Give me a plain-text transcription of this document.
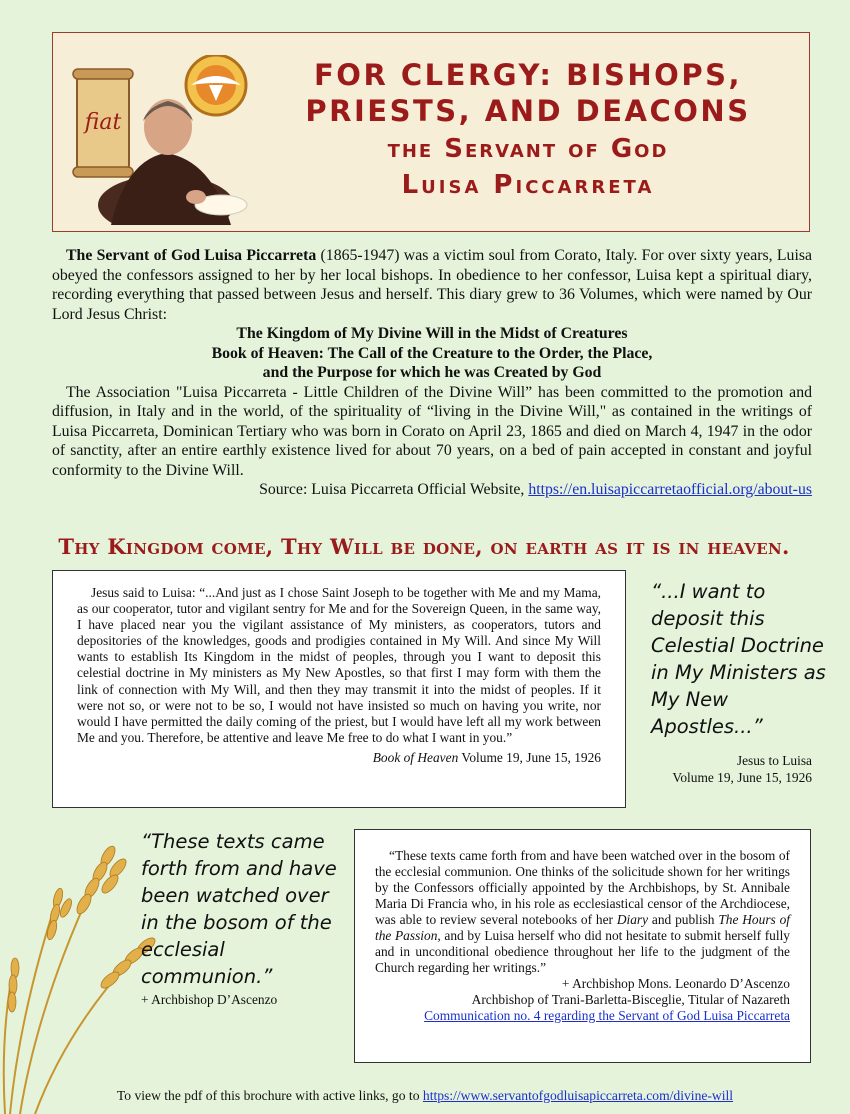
fiat
FOR CLERGY: BISHOPS,
PRIESTS, AND DEACONS
the Servant of God
Luisa Piccarreta

The Servant of God Luisa Piccarreta (1865-1947) was a victim soul from Corato, Italy. For over sixty years, Luisa obeyed the confessors assigned to her by her local bishops. In obedience to her confessor, Luisa kept a spiritual diary, recording everything that passed between Jesus and herself. This diary grew to 36 Volumes, which were named by Our Lord Jesus Christ:

The Kingdom of My Divine Will in the Midst of Creatures

Book of Heaven: The Call of the Creature to the Order, the Place,

and the Purpose for which he was Created by God

The Association "Luisa Piccarreta - Little Children of the Divine Will” has been committed to the promotion and diffusion, in Italy and in the world, of the spirituality of “living in the Divine Will," as contained in the writings of Luisa Piccarreta, Dominican Tertiary who was born in Corato on April 23, 1865 and died on March 4, 1947 in the odor of sanctity, after an entire earthly existence lived for about 70 years, on a bed of pain accepted in constant and joyful conformity to the Divine Will.

Source: Luisa Piccarreta Official Website, https://en.luisapiccarretaofficial.org/about-us

Thy Kingdom come, Thy Will be done, on earth as it is in heaven.

Jesus said to Luisa: “...And just as I chose Saint Joseph to be together with Me and my Mama, as our cooperator, tutor and vigilant sentry for Me and for the Sovereign Queen, in the same way, I have placed near you the vigilant assistance of My ministers, as cooperators, tutors and depositories of the knowledges, goods and prodigies contained in My Will. And since My Will wants to establish Its Kingdom in the midst of peoples, through you I want to deposit this celestial doctrine in My ministers as My New Apostles, so that first I may form with them the link of connection with My Will, and then they may transmit it into the midst of peoples. If it were not so, or were not to be so, I would not have insisted so much on having you write, nor would I have permitted the daily coming of the priest, but I would have left all my work between Me and you. Therefore, be attentive and leave Me free to do what I want in you.”

Book of Heaven Volume 19, June 15, 1926

“...I want to deposit this Celestial Doctrine in My Ministers as My New Apostles...”
Jesus to Luisa
Volume 19, June 15, 1926
“These texts came forth from and have been watched over in the bosom of the ecclesial communion.”
+ Archbishop D’Ascenzo

“These texts came forth from and have been watched over in the bosom of the ecclesial communion. One thinks of the solicitude shown for her writings by the Confessors officially appointed by the Archbishops, by St. Annibale Maria Di Francia who, in his role as ecclesiastical censor of the Archdiocese, was able to review several notebooks of her Diary and publish The Hours of the Passion, and by Luisa herself who did not hesitate to submit herself fully and in unconditional obedience throughout her life to the judgment of the Church regarding her writings.”

+ Archbishop Mons. Leonardo D’Ascenzo

Archbishop of Trani-Barletta-Bisceglie, Titular of Nazareth

Communication no. 4 regarding the Servant of God Luisa Piccarreta

To view the pdf of this brochure with active links, go to https://www.servantofgodluisapiccarreta.com/divine-will
